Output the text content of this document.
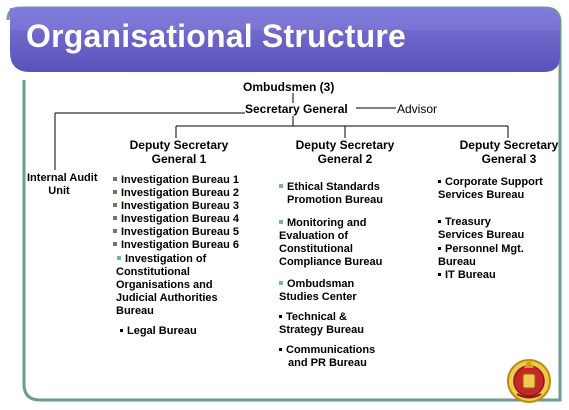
Organisational Structure
Ombudsmen (3)
Secretary General	Advisor
Internal Audit
Unit
Deputy Secretary
General 1
Deputy Secretary
General 2
Deputy Secretary
General 3
Investigation Bureau 1
Investigation Bureau 2
Investigation Bureau 3
Investigation Bureau 4
Investigation Bureau 5
Investigation Bureau 6
Investigation of
Constitutional
Organisations and
Judicial Authorities
Bureau
Legal Bureau
Ethical Standards
Promotion Bureau
Monitoring and
Evaluation of
Constitutional
Compliance Bureau
Ombudsman
Studies Center
Technical &
Strategy Bureau
Communications
and PR Bureau
Corporate Support
Services Bureau
Treasury
Services Bureau
Personnel Mgt.
Bureau
IT Bureau
